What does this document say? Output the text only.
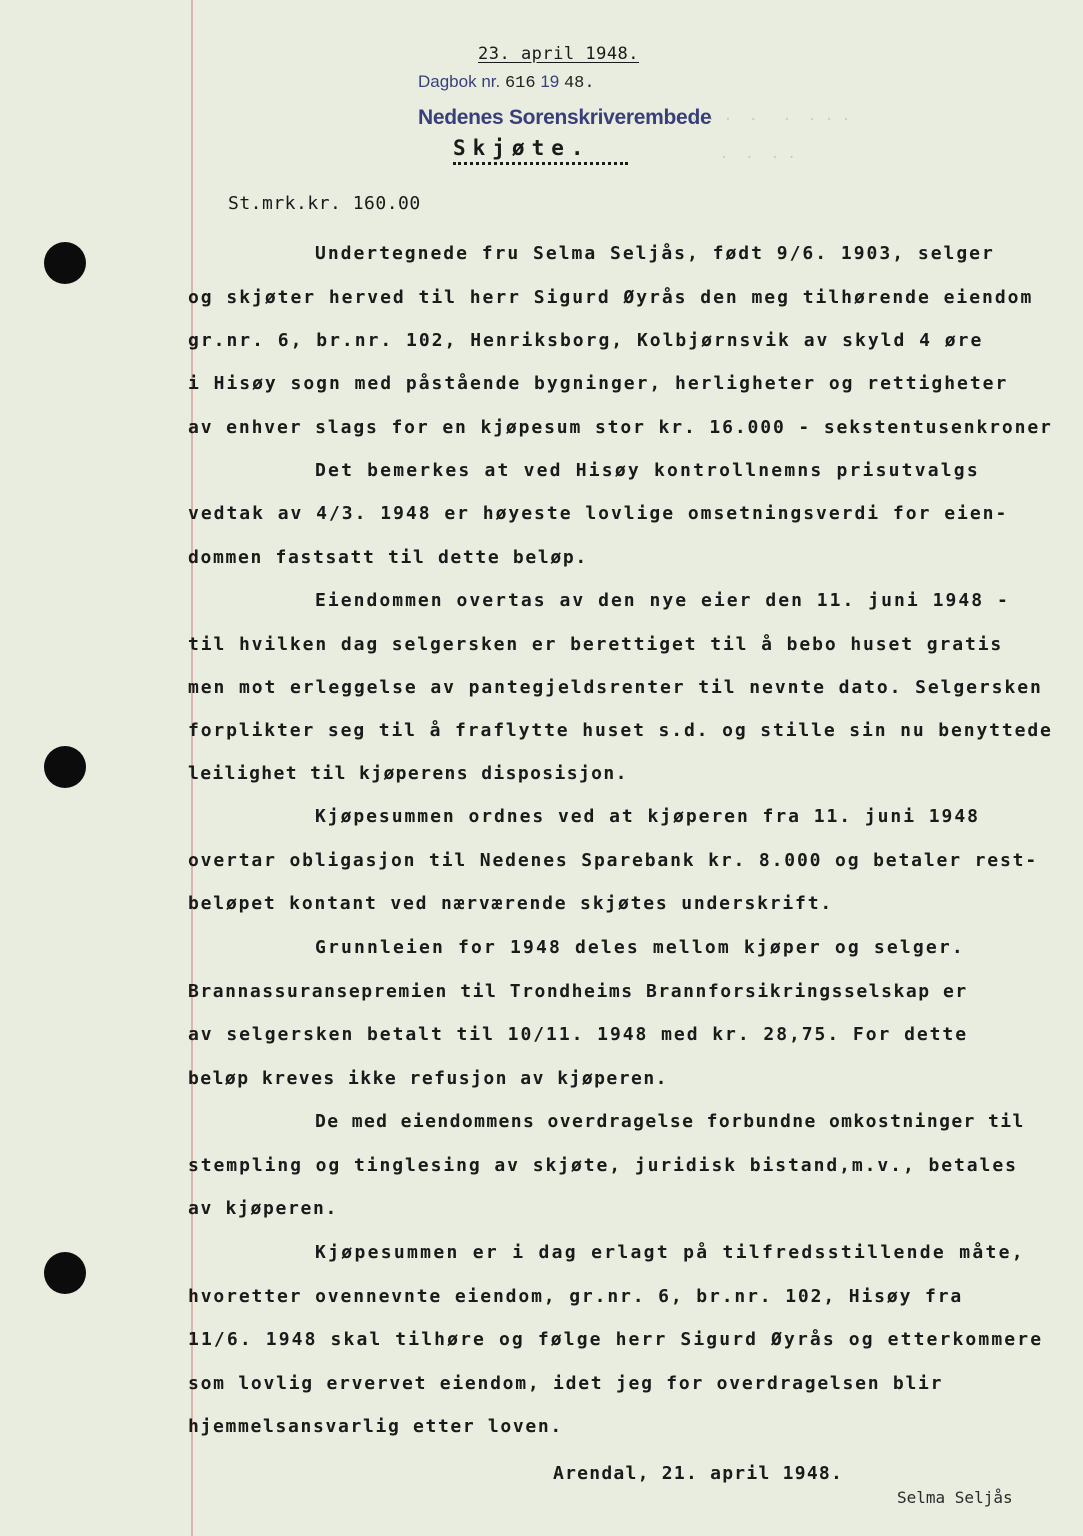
· · ·  ·   ·  · · ·
·  ·  · ·
23. april 1948.
Dagbok nr. 616 19 48.
Nedenes Sorenskriverembede
Skjøte.
St.mrk.kr. 160.00
Undertegnede fru Selma Seljås, født 9/6. 1903, selger
og skjøter herved til herr Sigurd Øyrås den meg tilhørende eiendom
gr.nr. 6, br.nr. 102, Henriksborg, Kolbjørnsvik av skyld 4 øre
i Hisøy sogn med påstående bygninger, herligheter og rettigheter
av enhver slags for en kjøpesum stor kr. 16.000 - sekstentusenkroner
Det bemerkes at ved Hisøy kontrollnemns prisutvalgs
vedtak av 4/3. 1948 er høyeste lovlige omsetningsverdi for eien-
dommen fastsatt til dette beløp.
Eiendommen overtas av den nye eier den 11. juni 1948 -
til hvilken dag selgersken er berettiget til å bebo huset gratis
men mot erleggelse av pantegjeldsrenter til nevnte dato. Selgersken
forplikter seg til å fraflytte huset s.d. og stille sin nu benyttede
leilighet til kjøperens disposisjon.
Kjøpesummen ordnes ved at kjøperen fra 11. juni 1948
overtar obligasjon til Nedenes Sparebank kr. 8.000 og betaler rest-
beløpet kontant ved nærværende skjøtes underskrift.
Grunnleien for 1948 deles mellom kjøper og selger.
Brannassuransepremien til Trondheims Brannforsikringsselskap er
av selgersken betalt til 10/11. 1948 med kr. 28,75. For dette
beløp kreves ikke refusjon av kjøperen.
De med eiendommens overdragelse forbundne omkostninger til
stempling og tinglesing av skjøte, juridisk bistand,m.v., betales
av kjøperen.
Kjøpesummen er i dag erlagt på tilfredsstillende måte,
hvoretter ovennevnte eiendom, gr.nr. 6, br.nr. 102, Hisøy fra
11/6. 1948 skal tilhøre og følge herr Sigurd Øyrås og etterkommere
som lovlig ervervet eiendom, idet jeg for overdragelsen blir
hjemmelsansvarlig etter loven.
Arendal, 21. april 1948.
Selma Seljås
